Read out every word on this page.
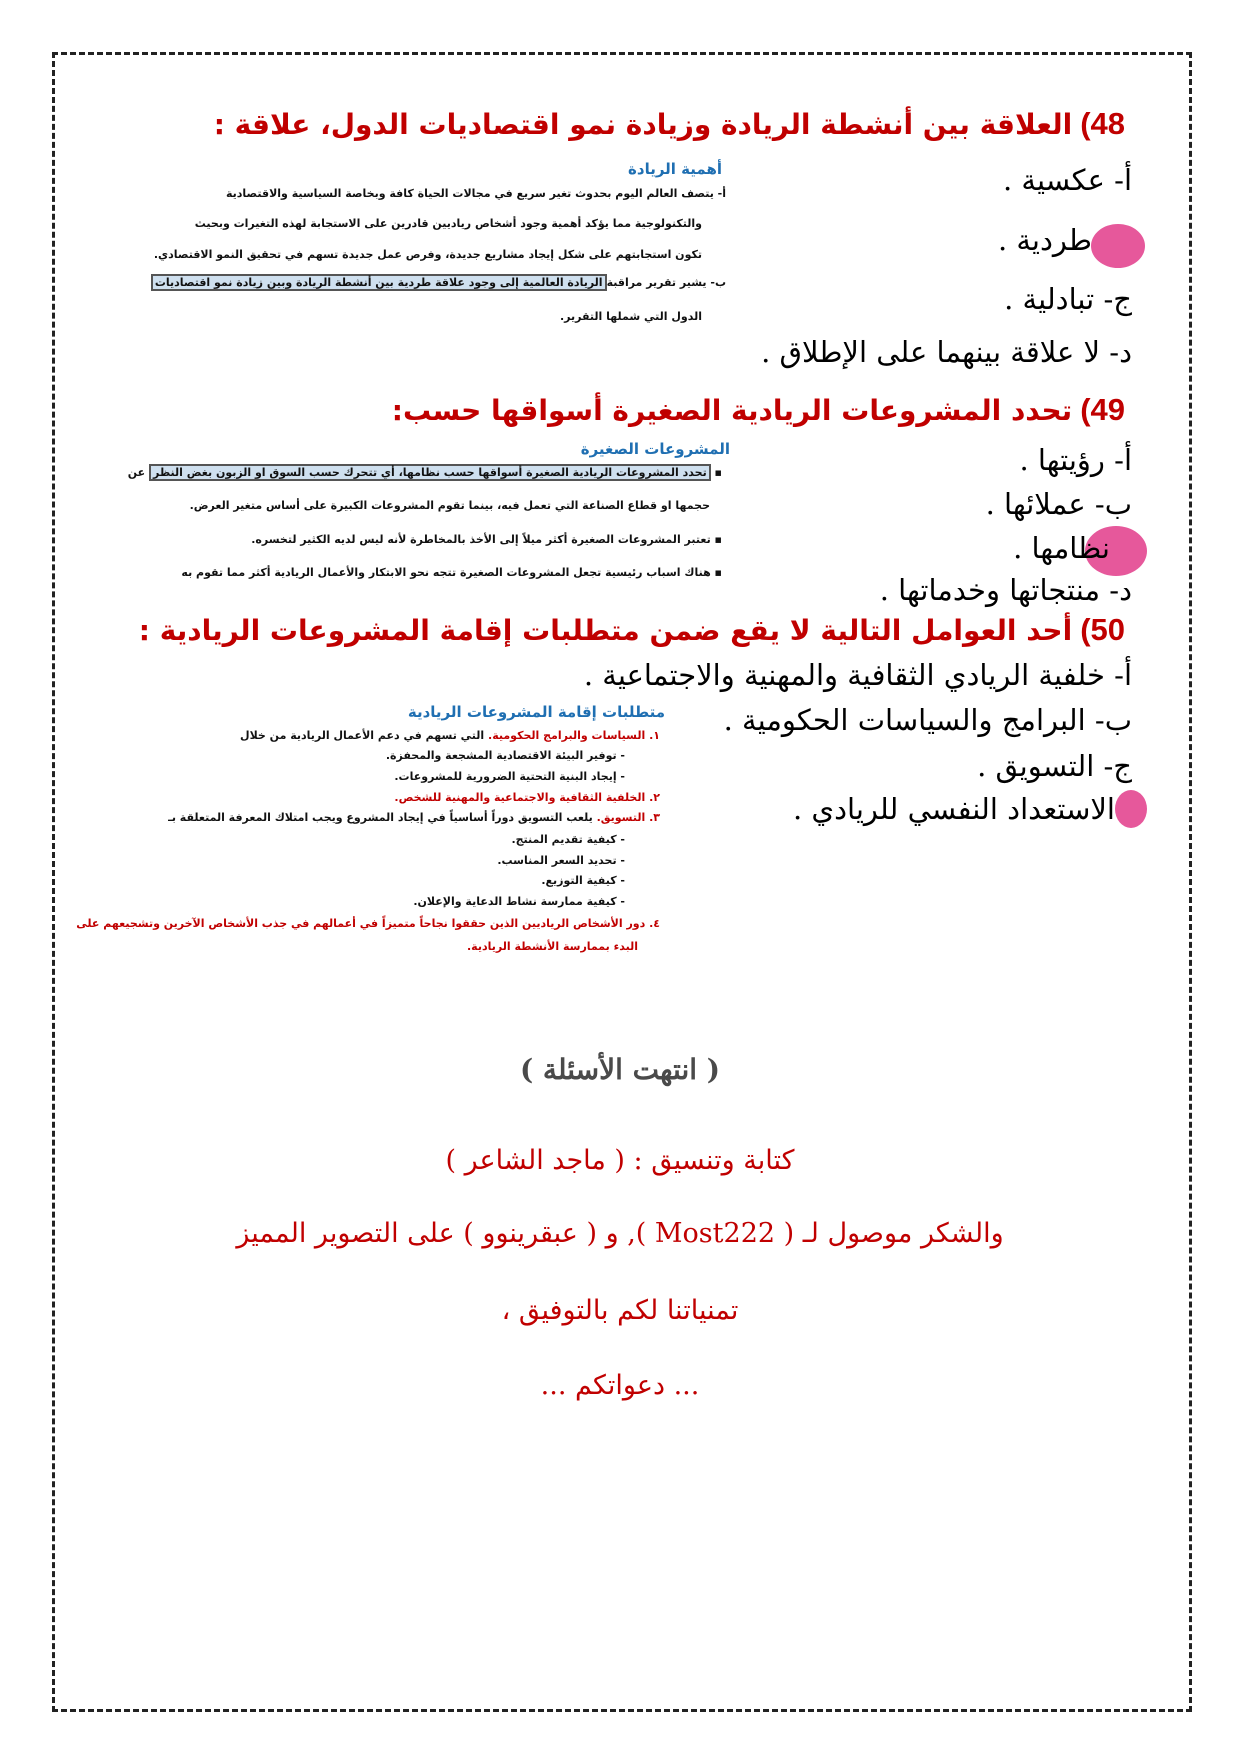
48)العلاقة بين أنشطة الريادة وزيادة نمو اقتصاديات الدول، علاقة :
أ- عكسية .
طردية .
ج- تبادلية .
د- لا علاقة بينهما على الإطلاق .
أهمية الريادة
أ- يتصف العالم اليوم بحدوث تغير سريع في مجالات الحياة كافة وبخاصة السياسية والاقتصادية
والتكنولوجية مما يؤكد أهمية وجود أشخاص رياديين قادرين على الاستجابة لهذه التغيرات وبحيث
تكون استجابتهم على شكل إيجاد مشاريع جديدة، وفرص عمل جديدة تسهم في تحقيق النمو الاقتصادي.
ب- يشير تقرير مراقبةالريادة العالمية إلى وجود علاقة طردية بين أنشطة الريادة وبين زيادة نمو اقتصاديات
الدول التي شملها التقرير.
49)تحدد المشروعات الريادية الصغيرة أسواقها حسب:
أ- رؤيتها .
ب- عملائها .
نظامها .
د- منتجاتها وخدماتها .
المشروعات الصغيرة
▪ تحدد المشروعات الريادية الصغيرة أسواقها حسب نظامها، أي تتحرك حسب السوق او الزبون بغض النظر عن
حجمها او قطاع الصناعة التي تعمل فيه، بينما تقوم المشروعات الكبيرة على أساس متغير العرض.
▪ تعتبر المشروعات الصغيرة أكثر ميلاً إلى الأخذ بالمخاطرة لأنه ليس لديه الكثير لتخسره.
▪ هناك اسباب رئيسية تجعل المشروعات الصغيرة تتجه نحو الابتكار والأعمال الريادية أكثر مما تقوم به
50)أحد العوامل التالية لا يقع ضمن متطلبات إقامة المشروعات الريادية :
أ- خلفية الريادي الثقافية والمهنية والاجتماعية .
ب- البرامج والسياسات الحكومية .
ج- التسويق .
الاستعداد النفسي للريادي .
متطلبات إقامة المشروعات الريادية
١. السياسات والبرامج الحكومية. التي تسهم في دعم الأعمال الريادية من خلال
- توفير البيئة الاقتصادية المشجعة والمحفزة.
- إيجاد البنية التحتية الضرورية للمشروعات.
٢. الخلفية الثقافية والاجتماعية والمهنية للشخص.
٣. التسويق. يلعب التسويق دوراً أساسياً في إيجاد المشروع ويجب امتلاك المعرفة المتعلقة بـ
- كيفية تقديم المنتج.
- تحديد السعر المناسب.
- كيفية التوزيع.
- كيفية ممارسة نشاط الدعاية والإعلان.
٤. دور الأشخاص الرياديين الذين حققوا نجاحاً متميزاً في أعمالهم في جذب الأشخاص الآخرين وتشجيعهم على
البدء بممارسة الأنشطة الريادية.
( انتهت الأسئلة )
كتابة وتنسيق : ( ماجد الشاعر )
والشكر موصول لـ ( Most222 ), و ( عبقرينوو ) على التصوير المميز
تمنياتنا لكم بالتوفيق ،
... دعواتكم ...
